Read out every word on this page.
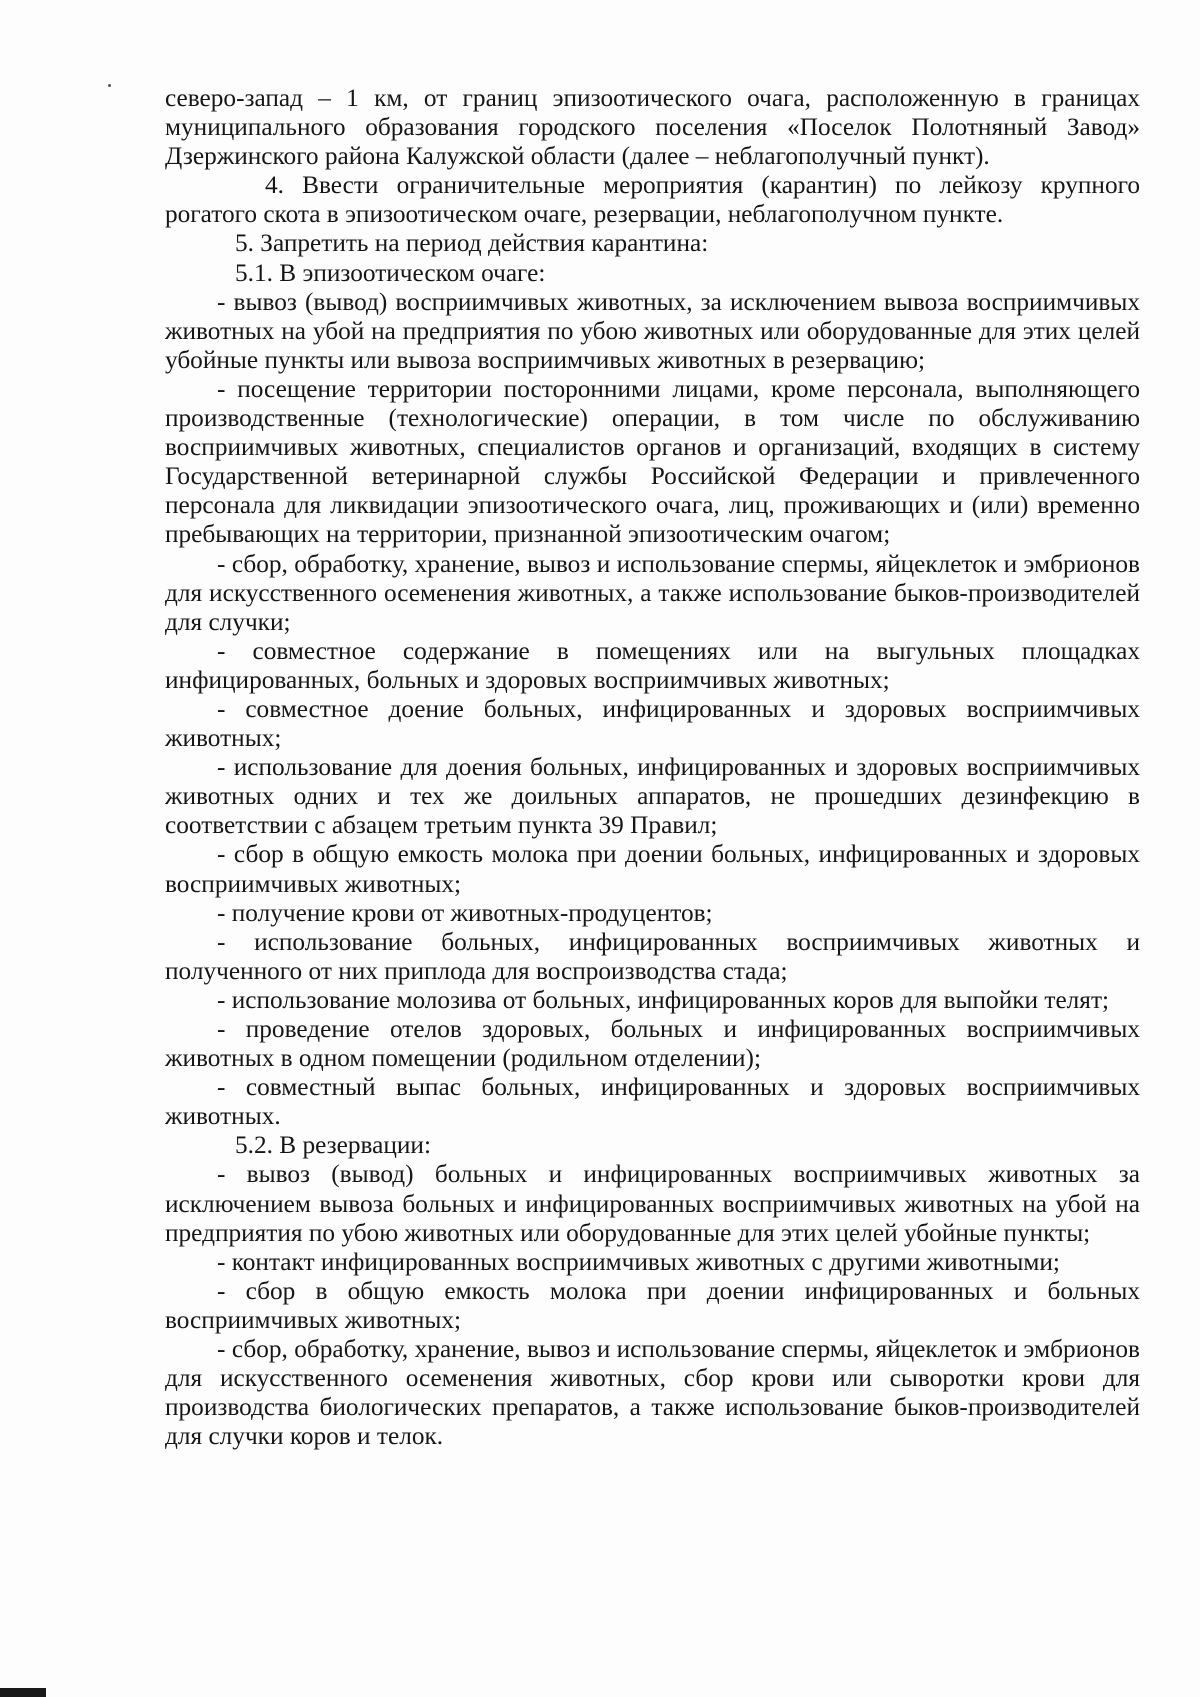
северо-запад – 1 км, от границ эпизоотического очага, расположенную в границах муниципального образования городского поселения «Поселок Полотняный Завод» Дзержинского района Калужской области (далее – неблагополучный пункт).

4. Ввести ограничительные мероприятия (карантин) по лейкозу крупного рогатого скота в эпизоотическом очаге, резервации, неблагополучном пункте.

5. Запретить на период действия карантина:

5.1. В эпизоотическом очаге:

- вывоз (вывод) восприимчивых животных, за исключением вывоза восприимчивых животных на убой на предприятия по убою животных или оборудованные для этих целей убойные пункты или вывоза восприимчивых животных в резервацию;

- посещение территории посторонними лицами, кроме персонала, выполняющего производственные (технологические) операции, в том числе по обслуживанию восприимчивых животных, специалистов органов и организаций, входящих в систему Государственной ветеринарной службы Российской Федерации и привлеченного персонала для ликвидации эпизоотического очага, лиц, проживающих и (или) временно пребывающих на территории, признанной эпизоотическим очагом;

- сбор, обработку, хранение, вывоз и использование спермы, яйцеклеток и эмбрионов для искусственного осеменения животных, а также использование быков-производителей для случки;

- совместное содержание в помещениях или на выгульных площадках инфицированных, больных и здоровых восприимчивых животных;

- совместное доение больных, инфицированных и здоровых восприимчивых животных;

- использование для доения больных, инфицированных и здоровых восприимчивых животных одних и тех же доильных аппаратов, не прошедших дезинфекцию в соответствии с абзацем третьим пункта 39 Правил;

- сбор в общую емкость молока при доении больных, инфицированных и здоровых восприимчивых животных;

- получение крови от животных-продуцентов;

- использование больных, инфицированных восприимчивых животных и полученного от них приплода для воспроизводства стада;

- использование молозива от больных, инфицированных коров для выпойки телят;

- проведение отелов здоровых, больных и инфицированных восприимчивых животных в одном помещении (родильном отделении);

- совместный выпас больных, инфицированных и здоровых восприимчивых животных.

5.2. В резервации:

- вывоз (вывод) больных и инфицированных восприимчивых животных за исключением вывоза больных и инфицированных восприимчивых животных на убой на предприятия по убою животных или оборудованные для этих целей убойные пункты;

- контакт инфицированных восприимчивых животных с другими животными;

- сбор в общую емкость молока при доении инфицированных и больных восприимчивых животных;

- сбор, обработку, хранение, вывоз и использование спермы, яйцеклеток и эмбрионов для искусственного осеменения животных, сбор крови или сыворотки крови для производства биологических препаратов, а также использование быков-производителей для случки коров и телок.
